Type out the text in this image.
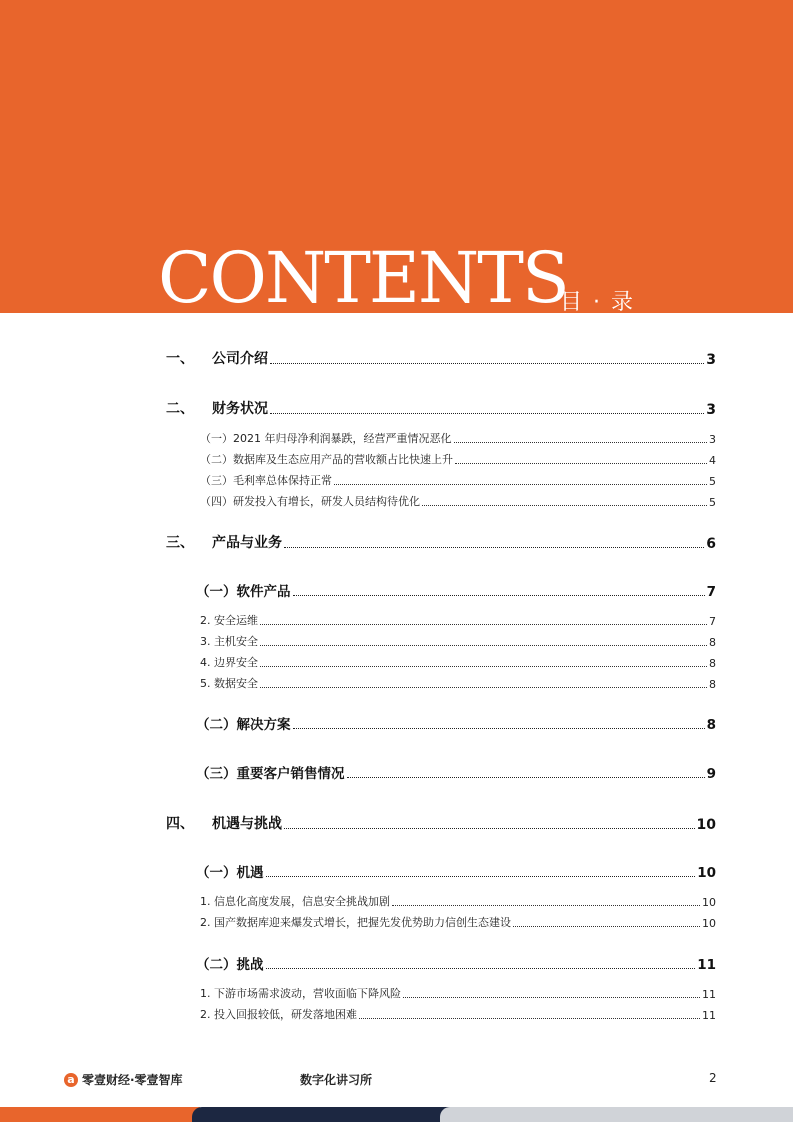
CONTENTS
目 · 录
一、 公司介绍	3
二、 财务状况	3
（一）2021 年归母净利润暴跌，经营严重情况恶化	3
（二）数据库及生态应用产品的营收额占比快速上升	4
（三）毛利率总体保持正常	5
（四）研发投入有增长，研发人员结构待优化	5
三、 产品与业务	6
（一）软件产品	7
2. 安全运维	7
3. 主机安全	8
4. 边界安全	8
5. 数据安全	8
（二）解决方案	8
（三）重要客户销售情况	9
四、 机遇与挑战	10
（一）机遇	10
1. 信息化高度发展，信息安全挑战加剧	10
2. 国产数据库迎来爆发式增长，把握先发优势助力信创生态建设	10
（二）挑战	11
1. 下游市场需求波动，营收面临下降风险	11
2. 投入回报较低，研发落地困难	11
a 零壹财经·零壹智库	数字化讲习所	2
